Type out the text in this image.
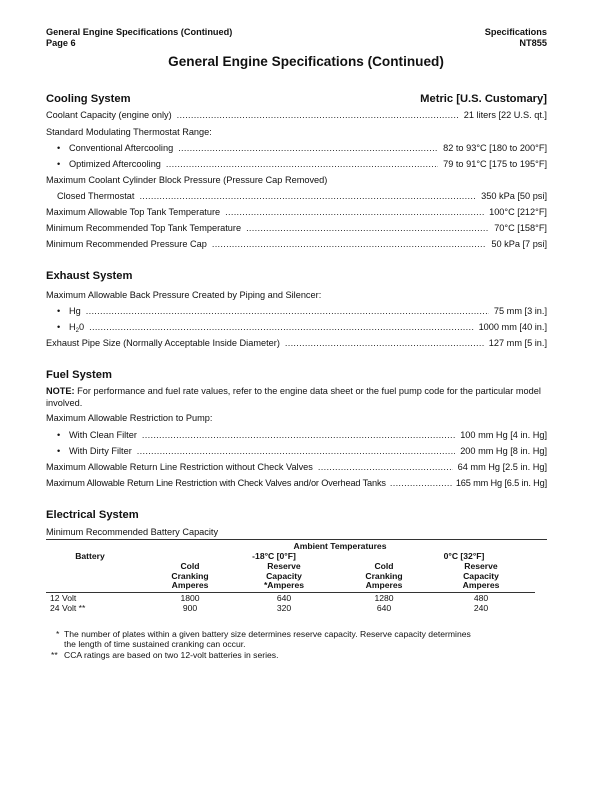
General Engine Specifications (Continued)
Page 6
Specifications
NT855
General Engine Specifications (Continued)
Cooling System	Metric [U.S. Customary]
Coolant Capacity (engine only) .....	21 liters [22 U.S. qt.]
Standard Modulating Thermostat Range:
• Conventional Aftercooling .....	82 to 93°C [180 to 200°F]
• Optimized Aftercooling .....	79 to 91°C [175 to 195°F]
Maximum Coolant Cylinder Block Pressure (Pressure Cap Removed)
Closed Thermostat .....	350 kPa [50 psi]
Maximum Allowable Top Tank Temperature .....	100°C [212°F]
Minimum Recommended Top Tank Temperature .....	70°C [158°F]
Minimum Recommended Pressure Cap .....	50 kPa [7 psi]
Exhaust System
Maximum Allowable Back Pressure Created by Piping and Silencer:
• Hg .....	75 mm [3 in.]
• $H_20$ .....	1000 mm [40 in.]
Exhaust Pipe Size (Normally Acceptable Inside Diameter) .....	127 mm [5 in.]
Fuel System
NOTE: For performance and fuel rate values, refer to the engine data sheet or the fuel pump code for the particular model involved.
Maximum Allowable Restriction to Pump:
• With Clean Filter .....	100 mm Hg [4 in. Hg]
• With Dirty Filter .....	200 mm Hg [8 in. Hg]
Maximum Allowable Return Line Restriction without Check Valves .....	64 mm Hg [2.5 in. Hg]
Maximum Allowable Return Line Restriction with Check Valves and/or Overhead Tanks .....	165 mm Hg [6.5 in. Hg]
Electrical System
Minimum Recommended Battery Capacity
Ambient Temperatures
Battery	-18°C [0°F]	0°C [32°F]
Cold
Cranking
Amperes
Reserve
Capacity
*Amperes
Cold
Cranking
Amperes
Reserve
Capacity
Amperes
12 Volt	1800	640	1280	480
24 Volt **	900	320	640	240
* The number of plates within a given battery size determines reserve capacity. Reserve capacity determines
the length of time sustained cranking can occur.
** CCA ratings are based on two 12-volt batteries in series.
